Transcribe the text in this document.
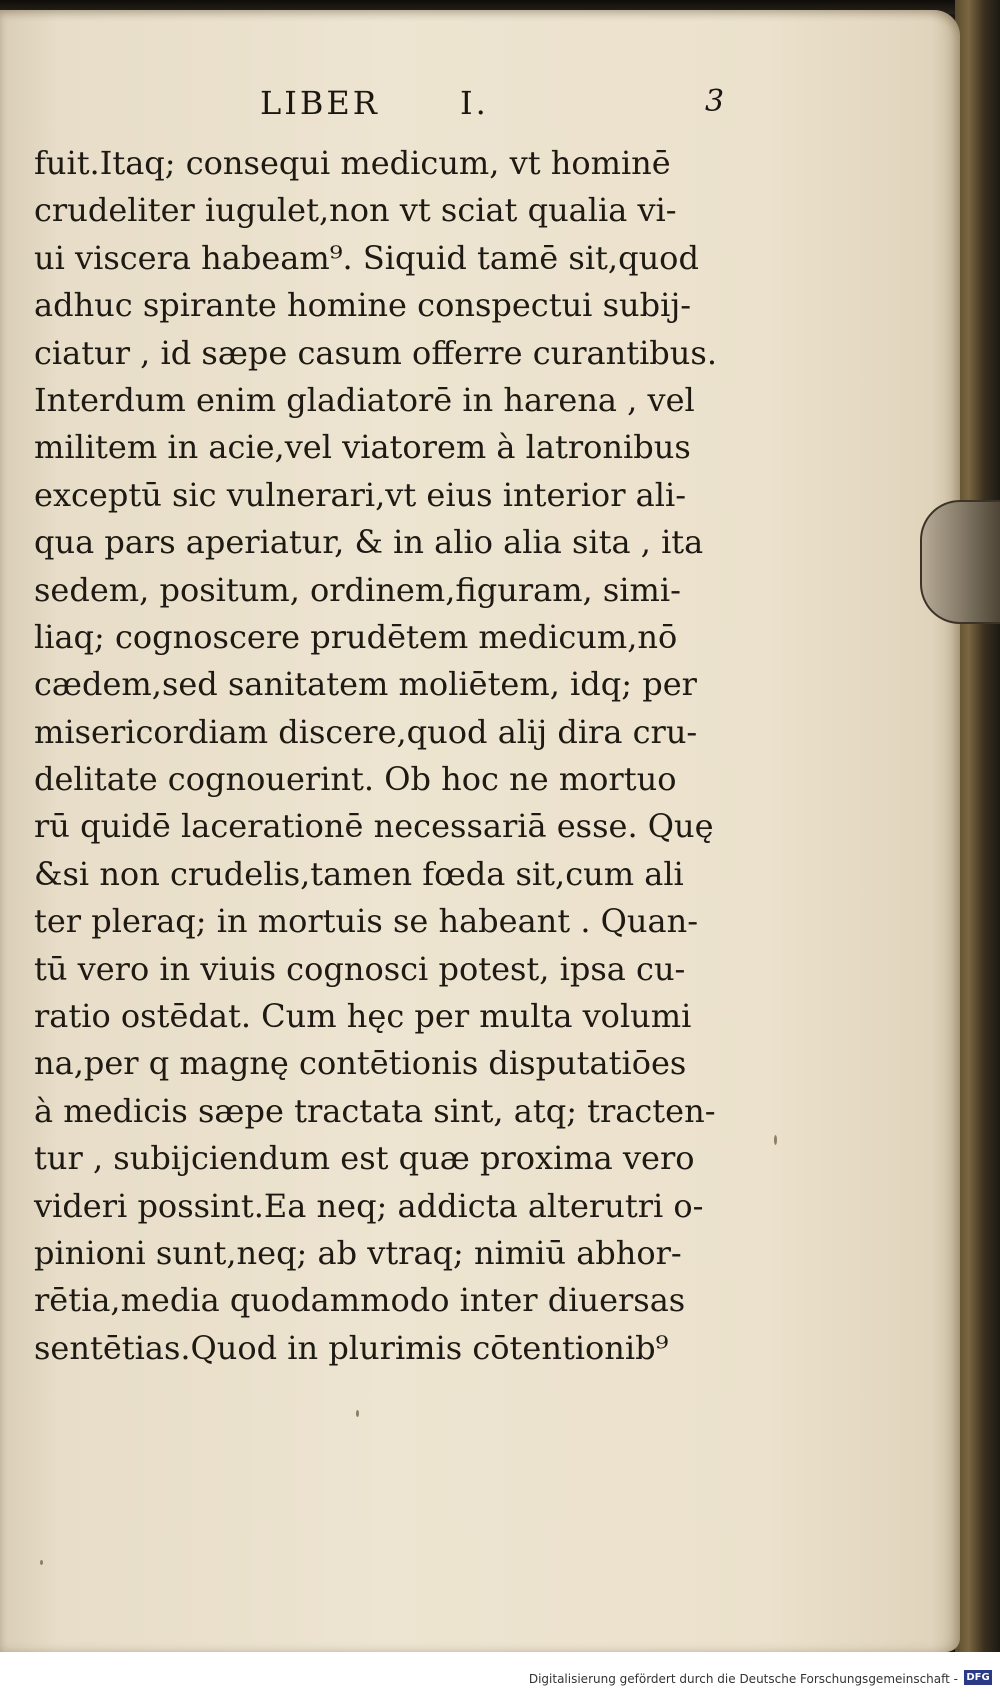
LIBER	I.	3
fuit.Itaq; consequi medicum, vt hominē
crudeliter iugulet,non vt sciat qualia vi-
ui viscera habeam⁹. Siquid tamē sit,quod
adhuc spirante homine conspectui subij-
ciatur , id sæpe casum offerre curantibus.
Interdum enim gladiatorē in harena , vel
militem in acie,vel viatorem à latronibus
exceptū sic vulnerari,vt eius interior ali-
qua pars aperiatur, & in alio alia sita , ita
sedem, positum, ordinem,figuram, simi-
liaq; cognoscere prudētem medicum,nō
cædem,sed sanitatem moliētem, idq; per
misericordiam discere,quod alij dira cru-
delitate cognouerint. Ob hoc ne mortuo
rū quidē lacerationē necessariā esse. Quę
&si non crudelis,tamen fœda sit,cum ali
ter pleraq; in mortuis se habeant . Quan-
tū vero in viuis cognosci potest, ipsa cu-
ratio ostēdat. Cum hęc per multa volumi
na,per q magnę contētionis disputatiōes
à medicis sæpe tractata sint, atq; tracten-
tur , subijciendum est quæ proxima vero
videri possint.Ea neq; addicta alterutri o-
pinioni sunt,neq; ab vtraq; nimiū abhor-
rētia,media quodammodo inter diuersas
sentētias.Quod in plurimis cōtentionib⁹
Digitalisierung gefördert durch die Deutsche Forschungsgemeinschaft - DFG
